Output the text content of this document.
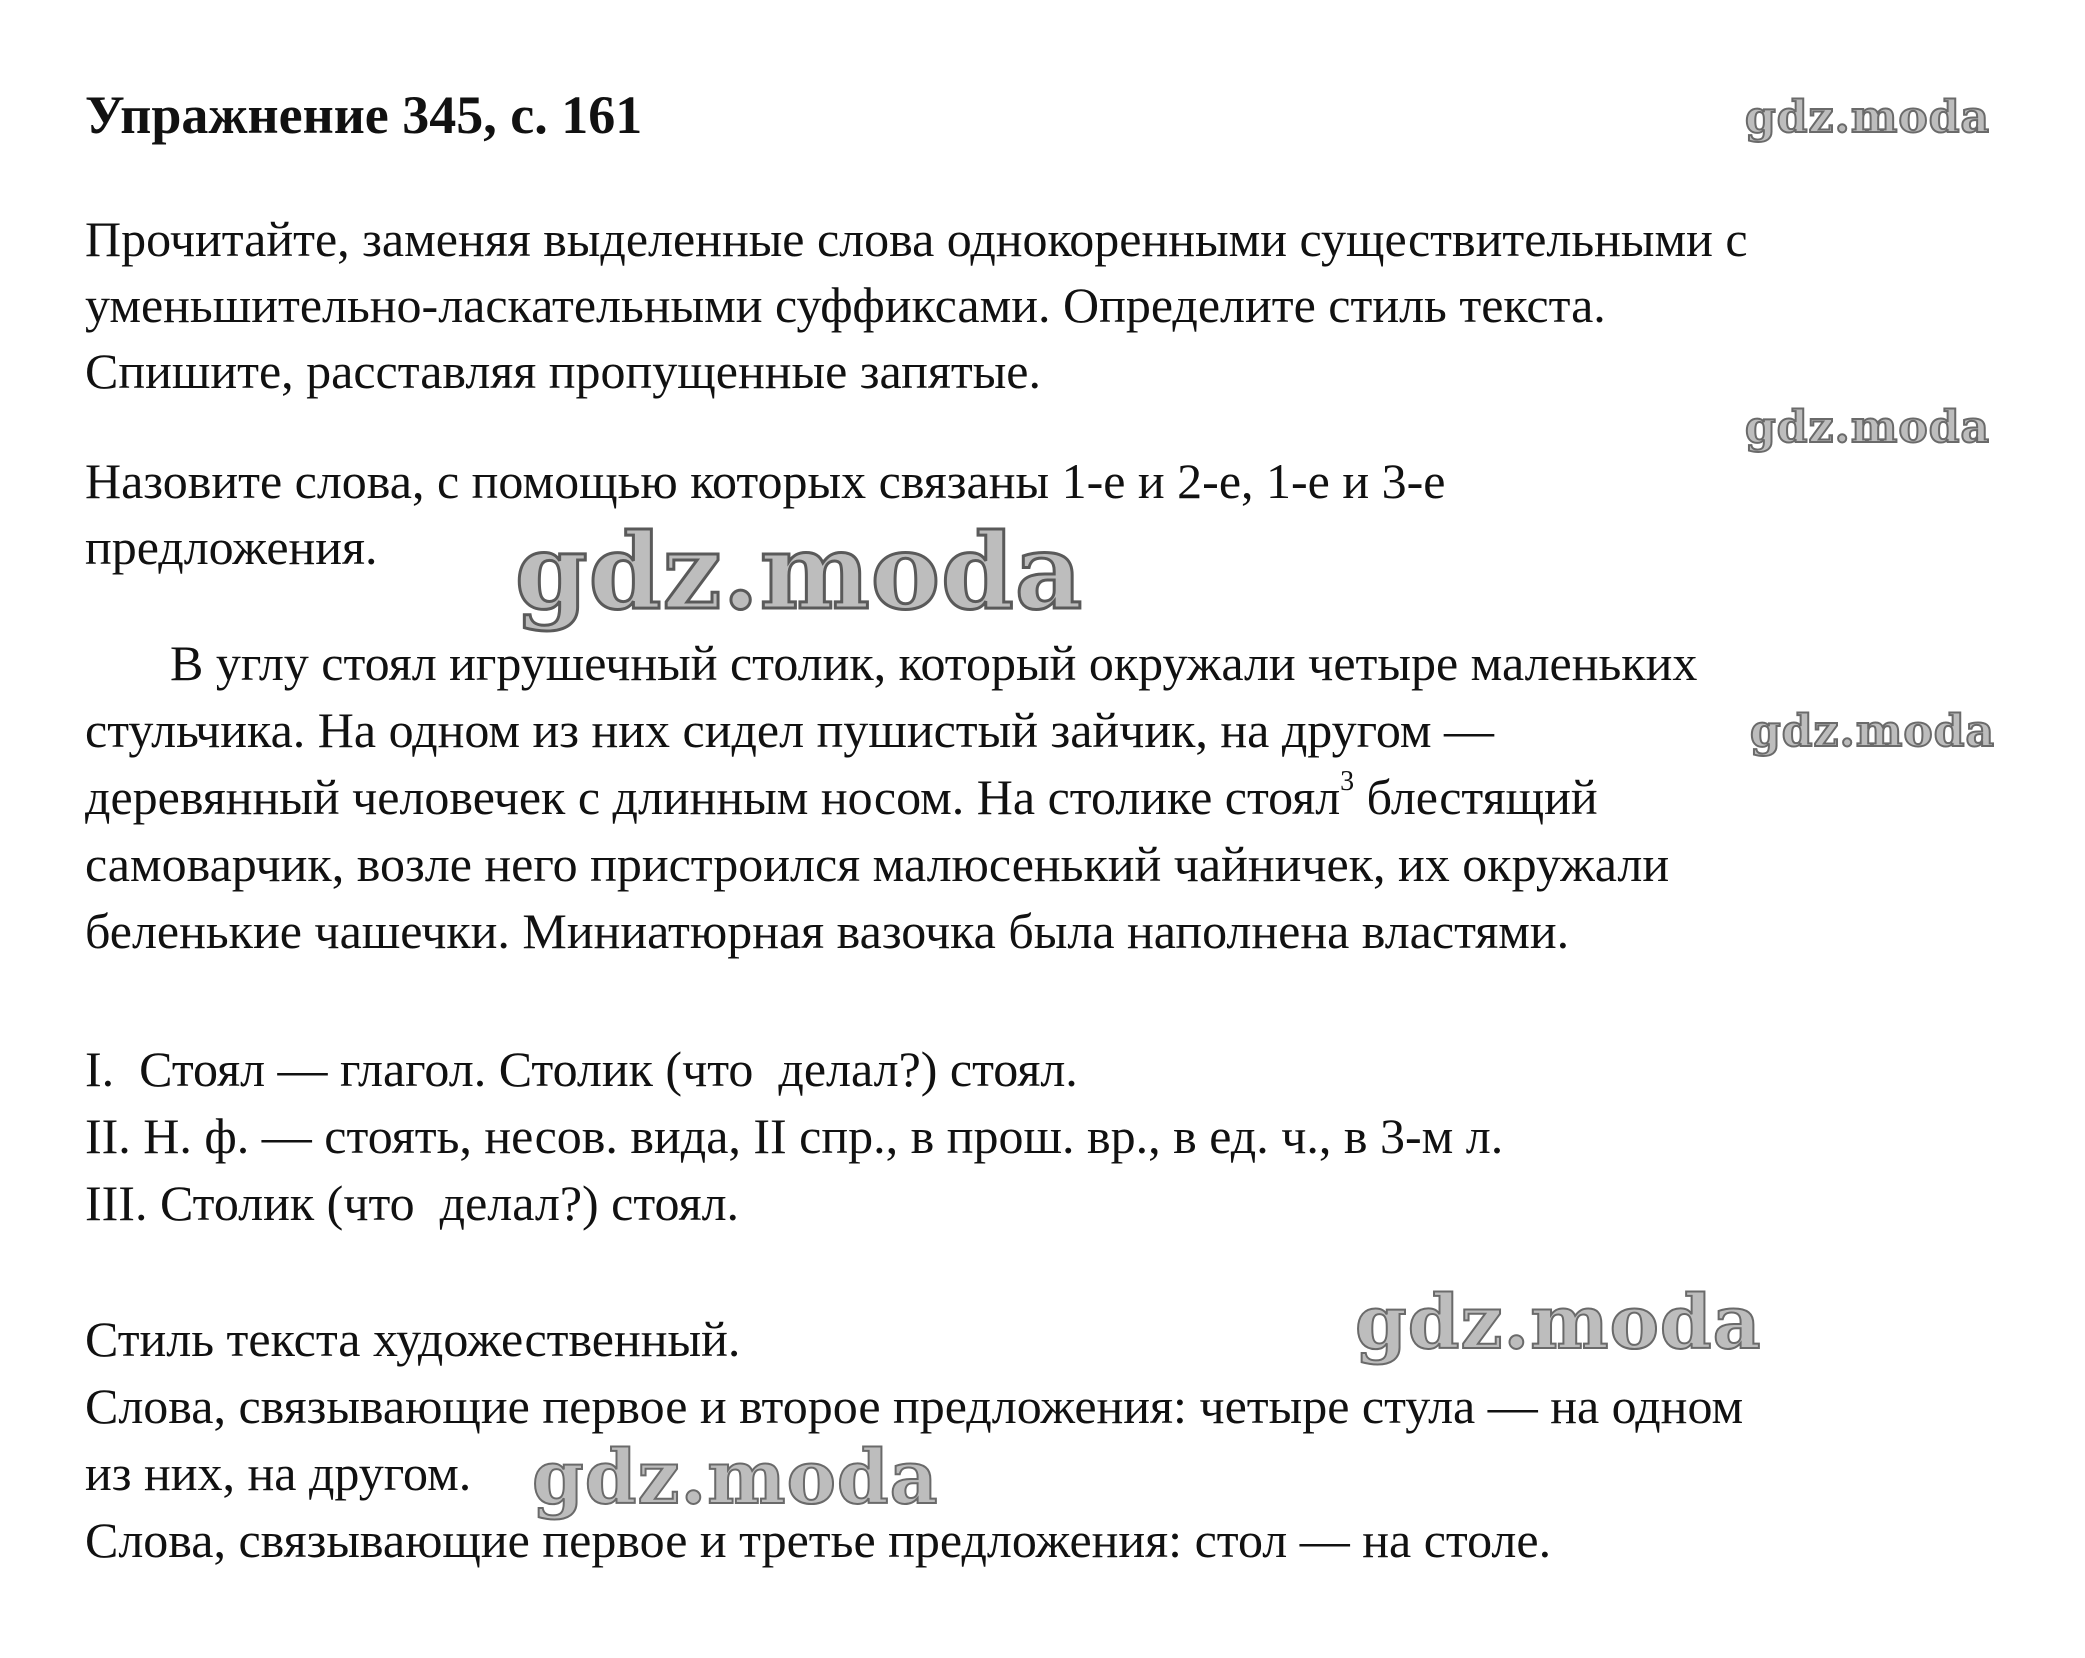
Упражнение 345, с. 161

Прочитайте, заменяя выделенные слова однокоренными существительными с

уменьшительно-ласкательными суффиксами. Определите стиль текста.

Спишите, расставляя пропущенные запятые.

Назовите слова, с помощью которых связаны 1-е и 2-е, 1-е и 3-е

предложения.

В углу стоял игрушечный столик, который окружали четыре маленьких

стульчика. На одном из них сидел пушистый зайчик, на другом —

деревянный человечек с длинным носом. На столике стоял$^3$ блестящий

самоварчик, возле него пристроился малюсенький чайничек, их окружали

беленькие чашечки. Миниатюрная вазочка была наполнена властями.

I.  Стоял — глагол. Столик (что  делал?) стоял.

II. Н. ф. — стоять, несов. вида, II спр., в прош. вр., в ед. ч., в 3-м л.

III. Столик (что  делал?) стоял.

Стиль текста художественный.

Слова, связывающие первое и второе предложения: четыре стула — на одном

из них, на другом.

Слова, связывающие первое и третье предложения: стол — на столе.

gdz.moda
gdz.moda
gdz.moda
gdz.moda
gdz.moda
gdz.moda
